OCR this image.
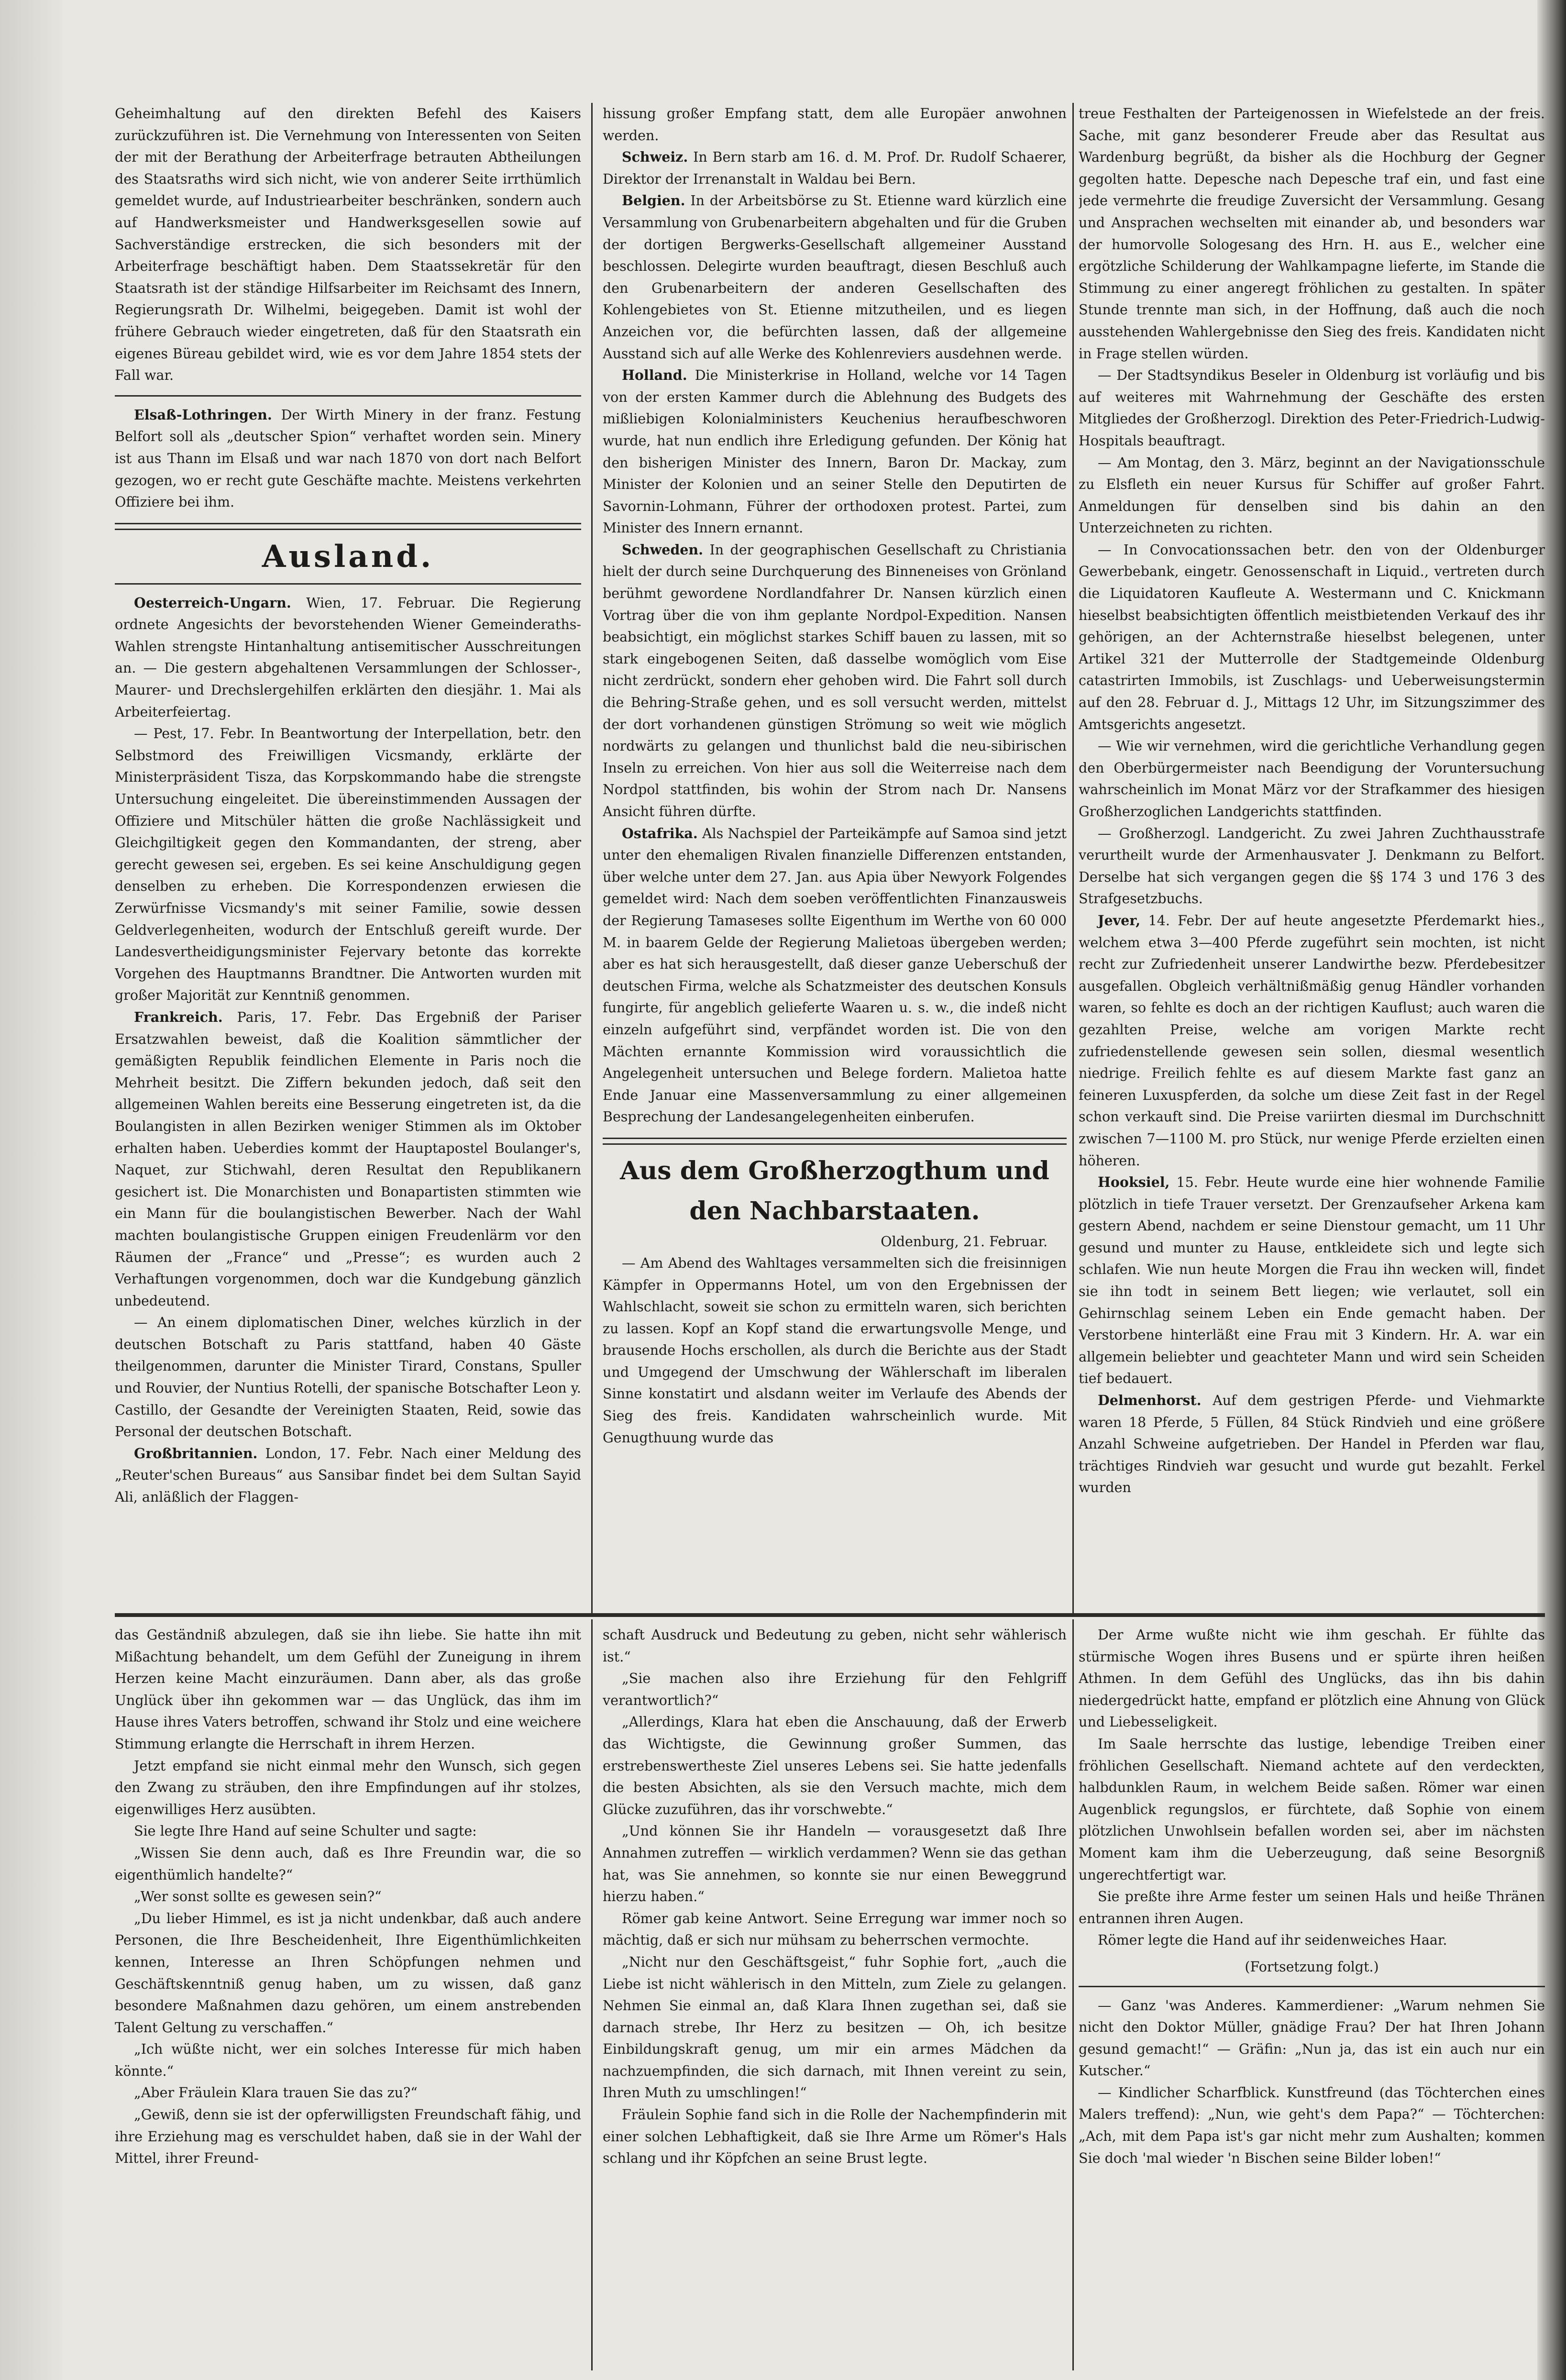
Geheimhaltung auf den direkten Befehl des Kaisers zurückzuführen ist. Die Vernehmung von Interessenten von Seiten der mit der Berathung der Arbeiterfrage betrauten Abtheilungen des Staatsraths wird sich nicht, wie von anderer Seite irrthümlich gemeldet wurde, auf Industriearbeiter beschränken, sondern auch auf Handwerksmeister und Handwerksgesellen sowie auf Sachverständige erstrecken, die sich besonders mit der Arbeiterfrage beschäftigt haben. Dem Staatssekretär für den Staatsrath ist der ständige Hilfsarbeiter im Reichsamt des Innern, Regierungsrath Dr. Wilhelmi, beigegeben. Damit ist wohl der frühere Gebrauch wieder eingetreten, daß für den Staatsrath ein eigenes Büreau gebildet wird, wie es vor dem Jahre 1854 stets der Fall war.

Elsaß-Lothringen. Der Wirth Minery in der franz. Festung Belfort soll als „deutscher Spion“ verhaftet worden sein. Minery ist aus Thann im Elsaß und war nach 1870 von dort nach Belfort gezogen, wo er recht gute Geschäfte machte. Meistens verkehrten Offiziere bei ihm.

Ausland.

Oesterreich-Ungarn. Wien, 17. Februar. Die Regierung ordnete Angesichts der bevorstehenden Wiener Gemeinderaths-Wahlen strengste Hintanhaltung antisemitischer Ausschreitungen an. — Die gestern abgehaltenen Versammlungen der Schlosser-, Maurer- und Drechslergehilfen erklärten den diesjähr. 1. Mai als Arbeiterfeiertag.

— Pest, 17. Febr. In Beantwortung der Interpellation, betr. den Selbstmord des Freiwilligen Vicsmandy, erklärte der Ministerpräsident Tisza, das Korpskommando habe die strengste Untersuchung eingeleitet. Die übereinstimmenden Aussagen der Offiziere und Mitschüler hätten die große Nachlässigkeit und Gleichgiltigkeit gegen den Kommandanten, der streng, aber gerecht gewesen sei, ergeben. Es sei keine Anschuldigung gegen denselben zu erheben. Die Korrespondenzen erwiesen die Zerwürfnisse Vicsmandy's mit seiner Familie, sowie dessen Geldverlegenheiten, wodurch der Entschluß gereift wurde. Der Landesvertheidigungsminister Fejervary betonte das korrekte Vorgehen des Hauptmanns Brandtner. Die Antworten wurden mit großer Majorität zur Kenntniß genommen.

Frankreich. Paris, 17. Febr. Das Ergebniß der Pariser Ersatzwahlen beweist, daß die Koalition sämmtlicher der gemäßigten Republik feindlichen Elemente in Paris noch die Mehrheit besitzt. Die Ziffern bekunden jedoch, daß seit den allgemeinen Wahlen bereits eine Besserung eingetreten ist, da die Boulangisten in allen Bezirken weniger Stimmen als im Oktober erhalten haben. Ueberdies kommt der Hauptapostel Boulanger's, Naquet, zur Stichwahl, deren Resultat den Republikanern gesichert ist. Die Monarchisten und Bonapartisten stimmten wie ein Mann für die boulangistischen Bewerber. Nach der Wahl machten boulangistische Gruppen einigen Freudenlärm vor den Räumen der „France“ und „Presse“; es wurden auch 2 Verhaftungen vorgenommen, doch war die Kundgebung gänzlich unbedeutend.

— An einem diplomatischen Diner, welches kürzlich in der deutschen Botschaft zu Paris stattfand, haben 40 Gäste theilgenommen, darunter die Minister Tirard, Constans, Spuller und Rouvier, der Nuntius Rotelli, der spanische Botschafter Leon y. Castillo, der Gesandte der Vereinigten Staaten, Reid, sowie das Personal der deutschen Botschaft.

Großbritannien. London, 17. Febr. Nach einer Meldung des „Reuter'schen Bureaus“ aus Sansibar findet bei dem Sultan Sayid Ali, anläßlich der Flaggen-

hissung großer Empfang statt, dem alle Europäer anwohnen werden.

Schweiz. In Bern starb am 16. d. M. Prof. Dr. Rudolf Schaerer, Direktor der Irrenanstalt in Waldau bei Bern.

Belgien. In der Arbeitsbörse zu St. Etienne ward kürzlich eine Versammlung von Grubenarbeitern abgehalten und für die Gruben der dortigen Bergwerks-Gesellschaft allgemeiner Ausstand beschlossen. Delegirte wurden beauftragt, diesen Beschluß auch den Grubenarbeitern der anderen Gesellschaften des Kohlengebietes von St. Etienne mitzutheilen, und es liegen Anzeichen vor, die befürchten lassen, daß der allgemeine Ausstand sich auf alle Werke des Kohlenreviers ausdehnen werde.

Holland. Die Ministerkrise in Holland, welche vor 14 Tagen von der ersten Kammer durch die Ablehnung des Budgets des mißliebigen Kolonialministers Keuchenius heraufbeschworen wurde, hat nun endlich ihre Erledigung gefunden. Der König hat den bisherigen Minister des Innern, Baron Dr. Mackay, zum Minister der Kolonien und an seiner Stelle den Deputirten de Savornin-Lohmann, Führer der orthodoxen protest. Partei, zum Minister des Innern ernannt.

Schweden. In der geographischen Gesellschaft zu Christiania hielt der durch seine Durchquerung des Binneneises von Grönland berühmt gewordene Nordlandfahrer Dr. Nansen kürzlich einen Vortrag über die von ihm geplante Nordpol-Expedition. Nansen beabsichtigt, ein möglichst starkes Schiff bauen zu lassen, mit so stark eingebogenen Seiten, daß dasselbe womöglich vom Eise nicht zerdrückt, sondern eher gehoben wird. Die Fahrt soll durch die Behring-Straße gehen, und es soll versucht werden, mittelst der dort vorhandenen günstigen Strömung so weit wie möglich nordwärts zu gelangen und thunlichst bald die neu-sibirischen Inseln zu erreichen. Von hier aus soll die Weiterreise nach dem Nordpol stattfinden, bis wohin der Strom nach Dr. Nansens Ansicht führen dürfte.

Ostafrika. Als Nachspiel der Parteikämpfe auf Samoa sind jetzt unter den ehemaligen Rivalen finanzielle Differenzen entstanden, über welche unter dem 27. Jan. aus Apia über Newyork Folgendes gemeldet wird: Nach dem soeben veröffentlichten Finanzausweis der Regierung Tamaseses sollte Eigenthum im Werthe von 60 000 M. in baarem Gelde der Regierung Malietoas übergeben werden; aber es hat sich herausgestellt, daß dieser ganze Ueberschuß der deutschen Firma, welche als Schatzmeister des deutschen Konsuls fungirte, für angeblich gelieferte Waaren u. s. w., die indeß nicht einzeln aufgeführt sind, verpfändet worden ist. Die von den Mächten ernannte Kommission wird voraussichtlich die Angelegenheit untersuchen und Belege fordern. Malietoa hatte Ende Januar eine Massenversammlung zu einer allgemeinen Besprechung der Landesangelegenheiten einberufen.

Aus dem Großherzogthum und
den Nachbarstaaten.
Oldenburg, 21. Februar.

— Am Abend des Wahltages versammelten sich die freisinnigen Kämpfer in Oppermanns Hotel, um von den Ergebnissen der Wahlschlacht, soweit sie schon zu ermitteln waren, sich berichten zu lassen. Kopf an Kopf stand die erwartungsvolle Menge, und brausende Hochs erschollen, als durch die Berichte aus der Stadt und Umgegend der Umschwung der Wählerschaft im liberalen Sinne konstatirt und alsdann weiter im Verlaufe des Abends der Sieg des freis. Kandidaten wahrscheinlich wurde. Mit Genugthuung wurde das

treue Festhalten der Parteigenossen in Wiefelstede an der freis. Sache, mit ganz besonderer Freude aber das Resultat aus Wardenburg begrüßt, da bisher als die Hochburg der Gegner gegolten hatte. Depesche nach Depesche traf ein, und fast eine jede vermehrte die freudige Zuversicht der Versammlung. Gesang und Ansprachen wechselten mit einander ab, und besonders war der humorvolle Sologesang des Hrn. H. aus E., welcher eine ergötzliche Schilderung der Wahlkampagne lieferte, im Stande die Stimmung zu einer angeregt fröhlichen zu gestalten. In später Stunde trennte man sich, in der Hoffnung, daß auch die noch ausstehenden Wahlergebnisse den Sieg des freis. Kandidaten nicht in Frage stellen würden.

— Der Stadtsyndikus Beseler in Oldenburg ist vorläufig und bis auf weiteres mit Wahrnehmung der Geschäfte des ersten Mitgliedes der Großherzogl. Direktion des Peter-Friedrich-Ludwig-Hospitals beauftragt.

— Am Montag, den 3. März, beginnt an der Navigationsschule zu Elsfleth ein neuer Kursus für Schiffer auf großer Fahrt. Anmeldungen für denselben sind bis dahin an den Unterzeichneten zu richten.

— In Convocationssachen betr. den von der Oldenburger Gewerbebank, eingetr. Genossenschaft in Liquid., vertreten durch die Liquidatoren Kaufleute A. Westermann und C. Knickmann hieselbst beabsichtigten öffentlich meistbietenden Verkauf des ihr gehörigen, an der Achternstraße hieselbst belegenen, unter Artikel 321 der Mutterrolle der Stadtgemeinde Oldenburg catastrirten Immobils, ist Zuschlags- und Ueberweisungstermin auf den 28. Februar d. J., Mittags 12 Uhr, im Sitzungszimmer des Amtsgerichts angesetzt.

— Wie wir vernehmen, wird die gerichtliche Verhandlung gegen den Oberbürgermeister nach Beendigung der Voruntersuchung wahrscheinlich im Monat März vor der Strafkammer des hiesigen Großherzoglichen Landgerichts stattfinden.

— Großherzogl. Landgericht. Zu zwei Jahren Zuchthausstrafe verurtheilt wurde der Armenhausvater J. Denkmann zu Belfort. Derselbe hat sich vergangen gegen die §§ 174 3 und 176 3 des Strafgesetzbuchs.

Jever, 14. Febr. Der auf heute angesetzte Pferdemarkt hies., welchem etwa 3—400 Pferde zugeführt sein mochten, ist nicht recht zur Zufriedenheit unserer Landwirthe bezw. Pferdebesitzer ausgefallen. Obgleich verhältnißmäßig genug Händler vorhanden waren, so fehlte es doch an der richtigen Kauflust; auch waren die gezahlten Preise, welche am vorigen Markte recht zufriedenstellende gewesen sein sollen, diesmal wesentlich niedrige. Freilich fehlte es auf diesem Markte fast ganz an feineren Luxuspferden, da solche um diese Zeit fast in der Regel schon verkauft sind. Die Preise variirten diesmal im Durchschnitt zwischen 7—1100 M. pro Stück, nur wenige Pferde erzielten einen höheren.

Hooksiel, 15. Febr. Heute wurde eine hier wohnende Familie plötzlich in tiefe Trauer versetzt. Der Grenzaufseher Arkena kam gestern Abend, nachdem er seine Dienstour gemacht, um 11 Uhr gesund und munter zu Hause, entkleidete sich und legte sich schlafen. Wie nun heute Morgen die Frau ihn wecken will, findet sie ihn todt in seinem Bett liegen; wie verlautet, soll ein Gehirnschlag seinem Leben ein Ende gemacht haben. Der Verstorbene hinterläßt eine Frau mit 3 Kindern. Hr. A. war ein allgemein beliebter und geachteter Mann und wird sein Scheiden tief bedauert.

Delmenhorst. Auf dem gestrigen Pferde- und Viehmarkte waren 18 Pferde, 5 Füllen, 84 Stück Rindvieh und eine größere Anzahl Schweine aufgetrieben. Der Handel in Pferden war flau, trächtiges Rindvieh war gesucht und wurde gut bezahlt. Ferkel wurden

das Geständniß abzulegen, daß sie ihn liebe. Sie hatte ihn mit Mißachtung behandelt, um dem Gefühl der Zuneigung in ihrem Herzen keine Macht einzuräumen. Dann aber, als das große Unglück über ihn gekommen war — das Unglück, das ihm im Hause ihres Vaters betroffen, schwand ihr Stolz und eine weichere Stimmung erlangte die Herrschaft in ihrem Herzen.

Jetzt empfand sie nicht einmal mehr den Wunsch, sich gegen den Zwang zu sträuben, den ihre Empfindungen auf ihr stolzes, eigenwilliges Herz ausübten.

Sie legte Ihre Hand auf seine Schulter und sagte:

„Wissen Sie denn auch, daß es Ihre Freundin war, die so eigenthümlich handelte?“

„Wer sonst sollte es gewesen sein?“

„Du lieber Himmel, es ist ja nicht undenkbar, daß auch andere Personen, die Ihre Bescheidenheit, Ihre Eigenthümlichkeiten kennen, Interesse an Ihren Schöpfungen nehmen und Geschäftskenntniß genug haben, um zu wissen, daß ganz besondere Maßnahmen dazu gehören, um einem anstrebenden Talent Geltung zu verschaffen.“

„Ich wüßte nicht, wer ein solches Interesse für mich haben könnte.“

„Aber Fräulein Klara trauen Sie das zu?“

„Gewiß, denn sie ist der opferwilligsten Freundschaft fähig, und ihre Erziehung mag es verschuldet haben, daß sie in der Wahl der Mittel, ihrer Freund-

schaft Ausdruck und Bedeutung zu geben, nicht sehr wählerisch ist.“

„Sie machen also ihre Erziehung für den Fehlgriff verantwortlich?“

„Allerdings, Klara hat eben die Anschauung, daß der Erwerb das Wichtigste, die Gewinnung großer Summen, das erstrebenswertheste Ziel unseres Lebens sei. Sie hatte jedenfalls die besten Absichten, als sie den Versuch machte, mich dem Glücke zuzuführen, das ihr vorschwebte.“

„Und können Sie ihr Handeln — vorausgesetzt daß Ihre Annahmen zutreffen — wirklich verdammen? Wenn sie das gethan hat, was Sie annehmen, so konnte sie nur einen Beweggrund hierzu haben.“

Römer gab keine Antwort. Seine Erregung war immer noch so mächtig, daß er sich nur mühsam zu beherrschen vermochte.

„Nicht nur den Geschäftsgeist,“ fuhr Sophie fort, „auch die Liebe ist nicht wählerisch in den Mitteln, zum Ziele zu gelangen. Nehmen Sie einmal an, daß Klara Ihnen zugethan sei, daß sie darnach strebe, Ihr Herz zu besitzen — Oh, ich besitze Einbildungskraft genug, um mir ein armes Mädchen da nachzuempfinden, die sich darnach, mit Ihnen vereint zu sein, Ihren Muth zu umschlingen!“

Fräulein Sophie fand sich in die Rolle der Nachempfinderin mit einer solchen Lebhaftigkeit, daß sie Ihre Arme um Römer's Hals schlang und ihr Köpfchen an seine Brust legte.

Der Arme wußte nicht wie ihm geschah. Er fühlte das stürmische Wogen ihres Busens und er spürte ihren heißen Athmen. In dem Gefühl des Unglücks, das ihn bis dahin niedergedrückt hatte, empfand er plötzlich eine Ahnung von Glück und Liebesseligkeit.

Im Saale herrschte das lustige, lebendige Treiben einer fröhlichen Gesellschaft. Niemand achtete auf den verdeckten, halbdunklen Raum, in welchem Beide saßen. Römer war einen Augenblick regungslos, er fürchtete, daß Sophie von einem plötzlichen Unwohlsein befallen worden sei, aber im nächsten Moment kam ihm die Ueberzeugung, daß seine Besorgniß ungerechtfertigt war.

Sie preßte ihre Arme fester um seinen Hals und heiße Thränen entrannen ihren Augen.

Römer legte die Hand auf ihr seidenweiches Haar.

(Fortsetzung folgt.)

— Ganz 'was Anderes. Kammerdiener: „Warum nehmen Sie nicht den Doktor Müller, gnädige Frau? Der hat Ihren Johann gesund gemacht!“ — Gräfin: „Nun ja, das ist ein auch nur ein Kutscher.“

— Kindlicher Scharfblick. Kunstfreund (das Töchterchen eines Malers treffend): „Nun, wie geht's dem Papa?“ — Töchterchen: „Ach, mit dem Papa ist's gar nicht mehr zum Aushalten; kommen Sie doch 'mal wieder 'n Bischen seine Bilder loben!“
